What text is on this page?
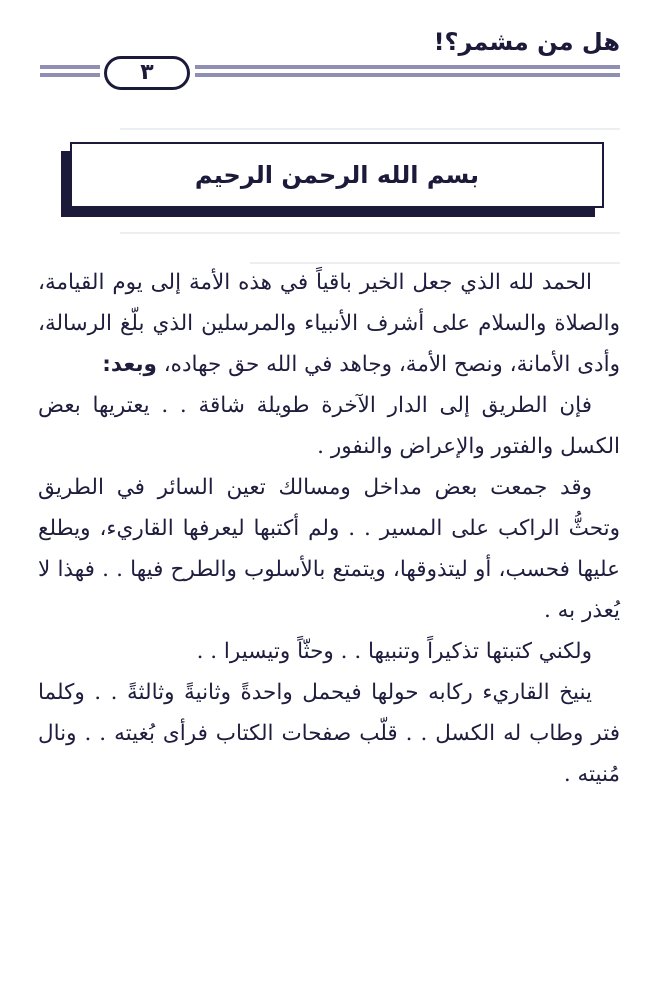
هل من مشمر؟!
٣
بسم الله الرحمن الرحيم

الحمد لله الذي جعل الخير باقياً في هذه الأمة إلى يوم القيامة، والصلاة والسلام على أشرف الأنبياء والمرسلين الذي بلّغ الرسالة، وأدى الأمانة، ونصح الأمة، وجاهد في الله حق جهاده، وبعد:

فإن الطريق إلى الدار الآخرة طويلة شاقة . . يعتريها بعض الكسل والفتور والإعراض والنفور .

وقد جمعت بعض مداخل ومسالك تعين السائر في الطريق وتحثُّ الراكب على المسير . . ولم أكتبها ليعرفها القاريء، ويطلع عليها فحسب، أو ليتذوقها، ويتمتع بالأسلوب والطرح فيها . . فهذا لا يُعذر به .

ولكني كتبتها تذكيراً وتنبيها . . وحثّاً وتيسيرا . .

ينيخ القاريء ركابه حولها فيحمل واحدةً وثانيةً وثالثةً . . وكلما فتر وطاب له الكسل . . قلّب صفحات الكتاب فرأى بُغيته . . ونال مُنيته .
